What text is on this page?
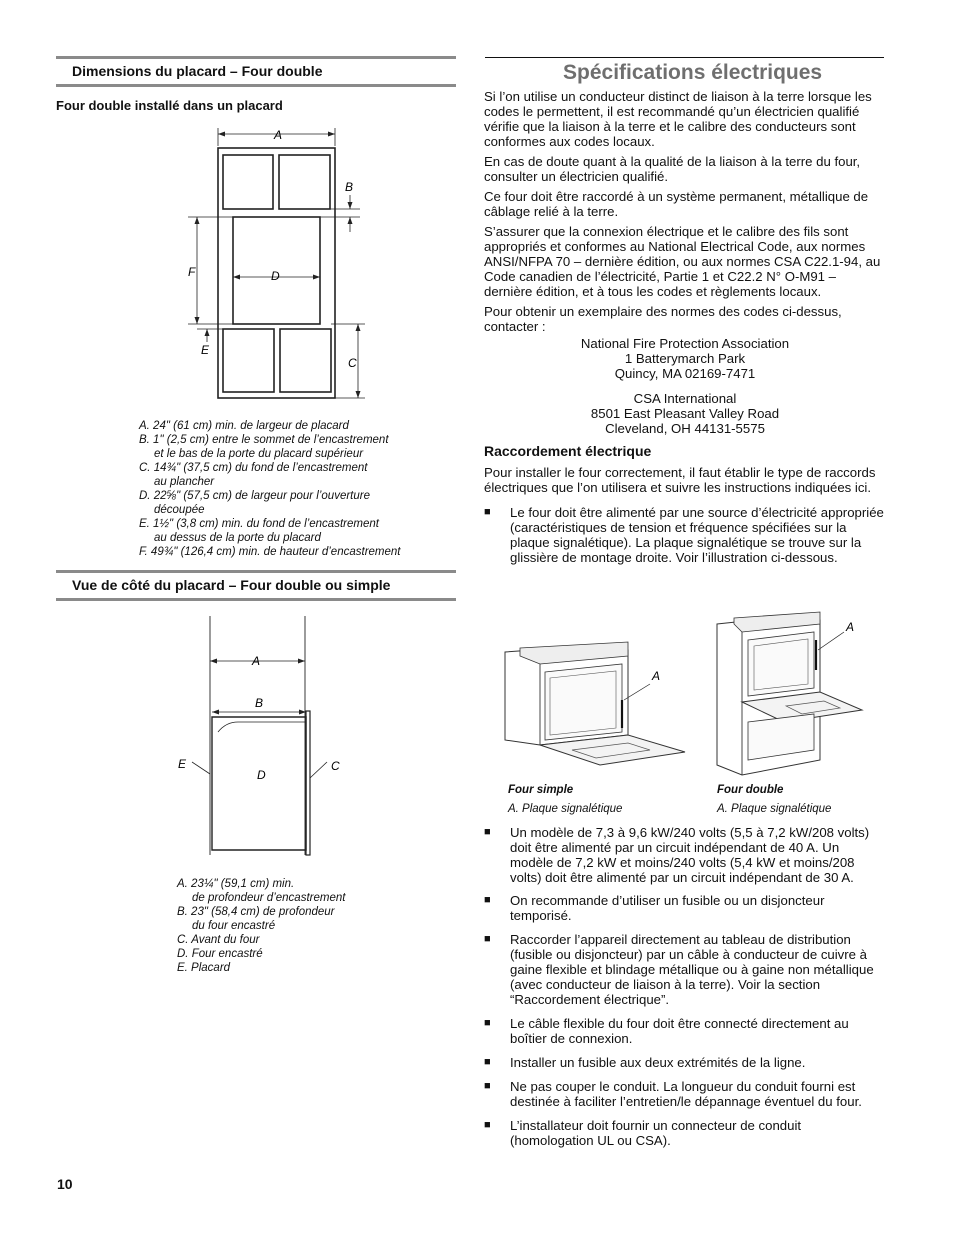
Dimensions du placard – Four double
Four double installé dans un placard
A
B
D
F
E
C
A. 24" (61 cm) min. de largeur de placard
B. 1" (2,5 cm) entre le sommet de l’encastrement
et le bas de la porte du placard supérieur
C. 14¾" (37,5 cm) du fond de l’encastrement
au plancher
D. 22⅝" (57,5 cm) de largeur pour l’ouverture
découpée
E. 1½" (3,8 cm) min. du fond de l’encastrement
au dessus de la porte du placard
F. 49¾" (126,4 cm) min. de hauteur d’encastrement
Vue de côté du placard – Four double ou simple
A
B
C
D
E
A. 23¼" (59,1 cm) min.
de profondeur d’encastrement
B. 23" (58,4 cm) de profondeur
du four encastré
C. Avant du four
D. Four encastré
E. Placard
10
Spécifications électriques

Si l’on utilise un conducteur distinct de liaison à la terre lorsque les codes le permettent, il est recommandé qu’un électricien qualifié vérifie que la liaison à la terre et le calibre des conducteurs sont conformes aux codes locaux.

En cas de doute quant à la qualité de la liaison à la terre du four, consulter un électricien qualifié.

Ce four doit être raccordé à un système permanent, métallique de câblage relié à la terre.

S’assurer que la connexion électrique et le calibre des fils sont appropriés et conformes au National Electrical Code, aux normes ANSI/NFPA 70 – dernière édition, ou aux normes CSA C22.1-94, au Code canadien de l’électricité, Partie 1 et C22.2 N° O-M91 – dernière édition, et à tous les codes et règlements locaux.

Pour obtenir un exemplaire des normes des codes ci-dessus, contacter :

National Fire Protection Association
1 Batterymarch Park
Quincy, MA 02169-7471
CSA International
8501 East Pleasant Valley Road
Cleveland, OH 44131-5575
Raccordement électrique

Pour installer le four correctement, il faut établir le type de raccords électriques que l’on utilisera et suivre les instructions indiquées ici.

■	Le four doit être alimenté par une source d’électricité appropriée (caractéristiques de tension et fréquence spécifiées sur la plaque signalétique). La plaque signalétique se trouve sur la glissière de montage droite. Voir l’illustration ci-dessous.
A
A
Four simple
A. Plaque signalétique
Four double
A. Plaque signalétique
■	Un modèle de 7,3 à 9,6 kW/240 volts (5,5 à 7,2 kW/208 volts) doit être alimenté par un circuit indépendant de 40 A. Un modèle de 7,2 kW et moins/240 volts (5,4 kW et moins/208 volts) doit être alimenté par un circuit indépendant de 30 A.
■	On recommande d’utiliser un fusible ou un disjoncteur temporisé.
■	Raccorder l’appareil directement au tableau de distribution (fusible ou disjoncteur) par un câble à conducteur de cuivre à gaine flexible et blindage métallique ou à gaine non métallique (avec conducteur de liaison à la terre). Voir la section “Raccordement électrique”.
■	Le câble flexible du four doit être connecté directement au boîtier de connexion.
■	Installer un fusible aux deux extrémités de la ligne.
■	Ne pas couper le conduit. La longueur du conduit fourni est destinée à faciliter l’entretien/le dépannage éventuel du four.
■	L’installateur doit fournir un connecteur de conduit (homologation UL ou CSA).
